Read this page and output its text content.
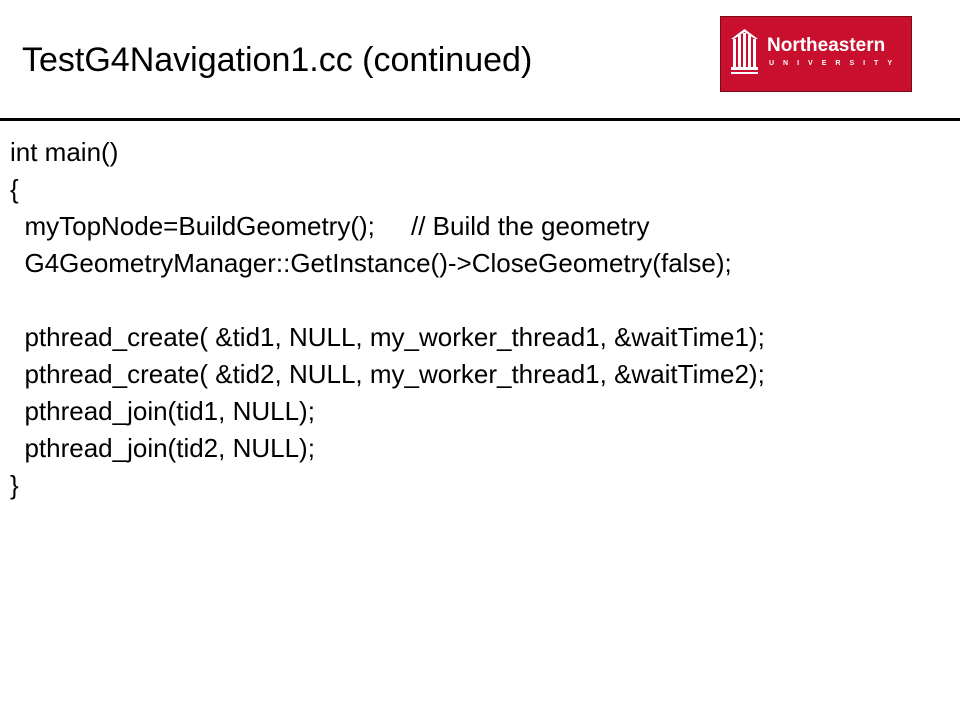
TestG4Navigation1.cc (continued)	Northeastern
UNIVERSITY
int main()
{
myTopNode=BuildGeometry();     // Build the geometry
G4GeometryManager::GetInstance()->CloseGeometry(false);
pthread_create( &tid1, NULL, my_worker_thread1, &waitTime1);
pthread_create( &tid2, NULL, my_worker_thread1, &waitTime2);
pthread_join(tid1, NULL);
pthread_join(tid2, NULL);
}
